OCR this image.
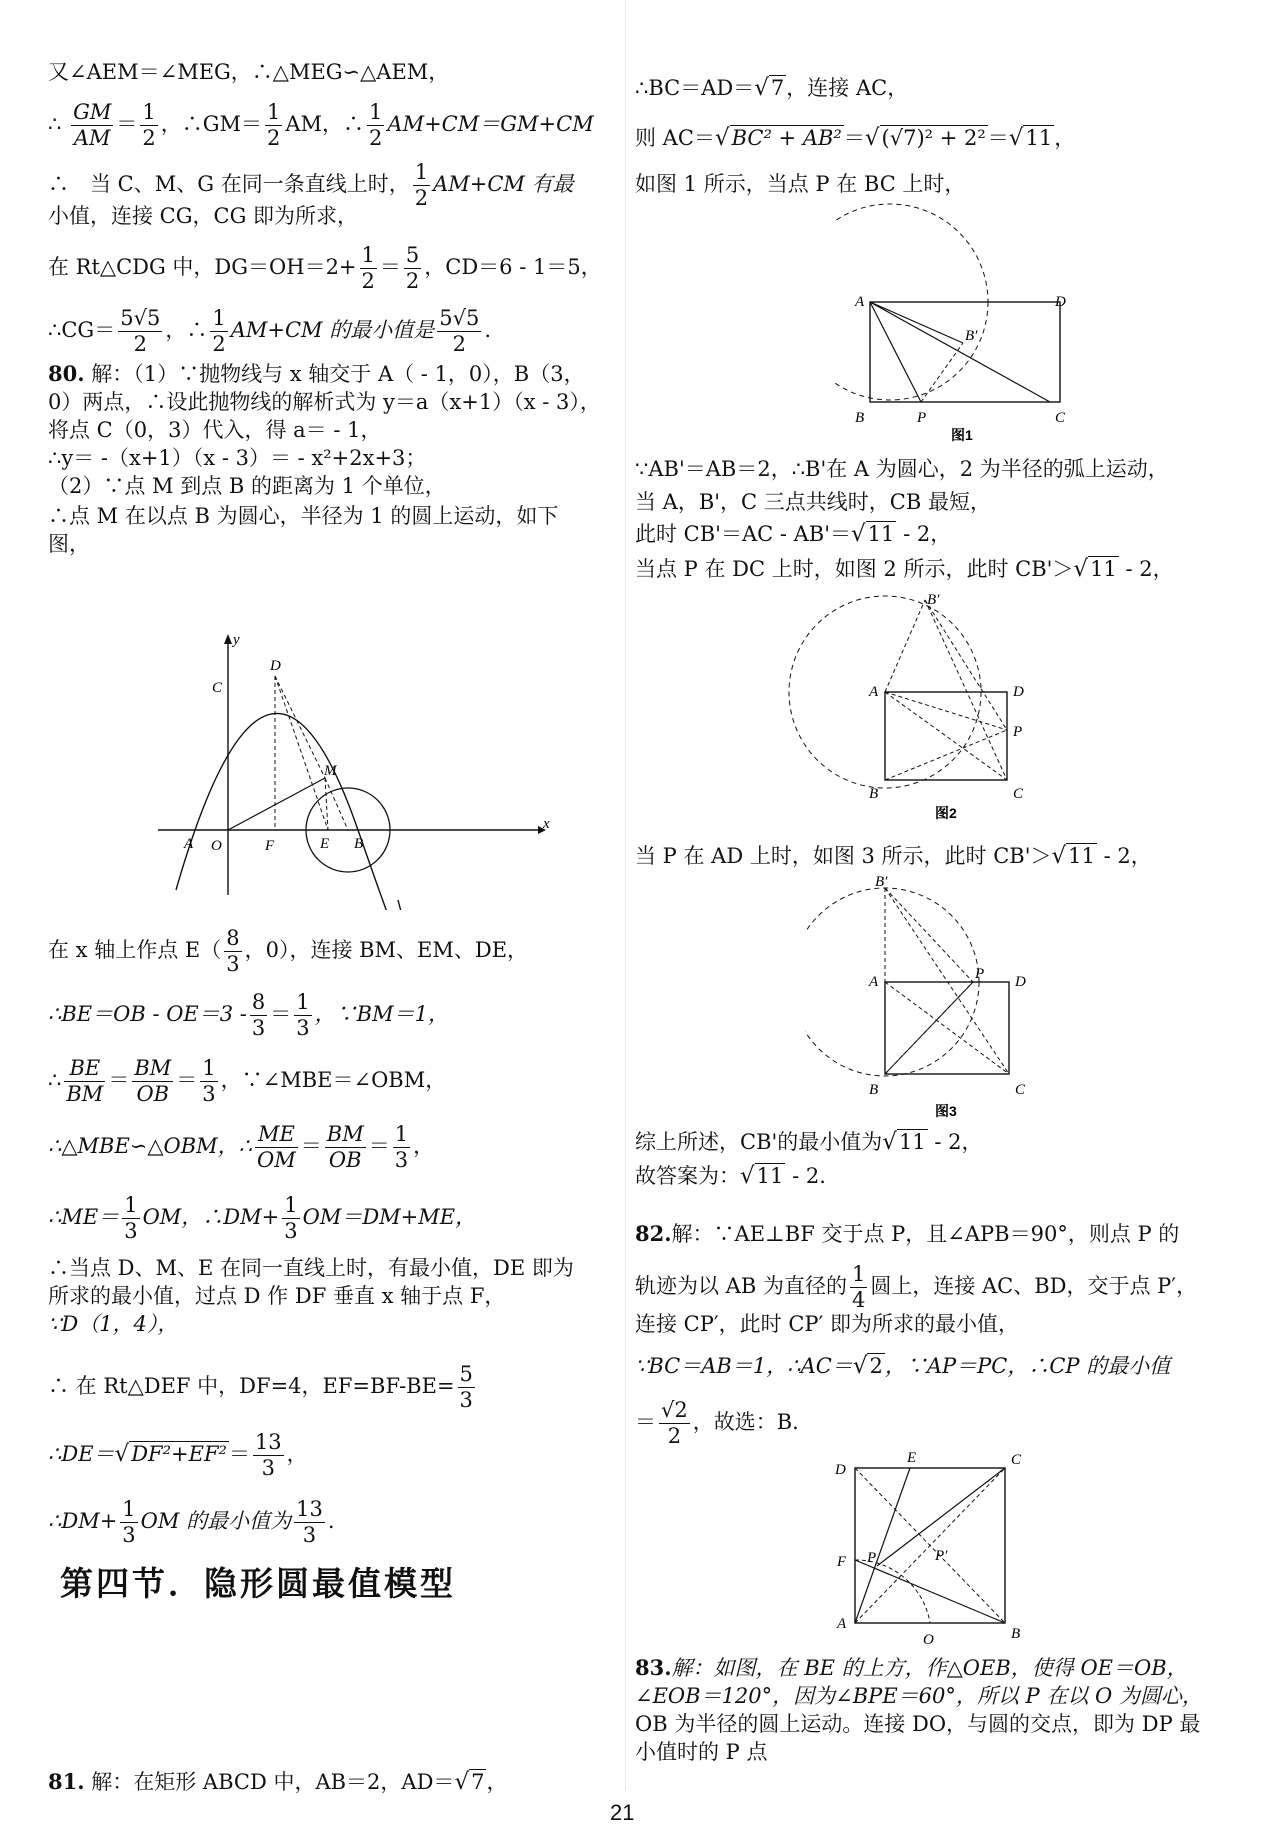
又∠AEM＝∠MEG，∴△MEG∽△AEM，
∴ $\frac{GM}{AM} = \frac{1}{2}$ ，∴GM＝ $\frac{1}{2}$ AM，∴ $\frac{1}{2} AM+CM=GM+CM$
∴　当 C、M、G 在同一条直线上时， $\frac{1}{2} AM+CM$ 有最
小值，连接 CG，CG 即为所求，
在 Rt△CDG 中，$DG=OH=2+ \frac{1}{2} = \frac{5}{2}$ ，CD＝6 - 1＝5，
∴CG＝ $\frac{5√5}{2}$ ，∴ $\frac{1}{2} AM+CM$ 的最小值是 $\frac{5√5}{2}$ .
80. 解：（1）∵抛物线与 x 轴交于 A（ - 1，0），B（3，
0）两点，∴设此抛物线的解析式为 y＝a（x+1）（x - 3），
将点 C（0，3）代入，得 a＝ - 1，
∴y＝ -（x+1）（x - 3）＝ - x²+2x+3；
（2）∵点 M 到点 B 的距离为 1 个单位，
∴点 M 在以点 B 为圆心，半径为 1 的圆上运动，如下
图，
y
x
A O	F	E B
C
D
M
在 x 轴上作点 $E( \frac{8}{3}$ ，0），连接 BM、EM、DE，
∴BE＝OB - $OE=3 - \frac{8}{3} = \frac{1}{3}$ ，∵BM＝1，
∴ $\frac{BE}{BM} = \frac{BM}{OB} = \frac{1}{3}$ ，∵∠MBE＝∠OBM，
∴△MBE∽△OBM，∴ $\frac{ME}{OM} = \frac{BM}{OB} = \frac{1}{3}$ ，
∴ME＝ $\frac{1}{3}$ OM，∴DM+ $\frac{1}{3} OM=DM+ME$，
∴当点 D、M、E 在同一直线上时，有最小值，DE 即为
所求的最小值，过点 D 作 DF 垂直 x 轴于点 F，
∵D（1，4），
∴ 在 Rt△DEF 中，DF=4，$EF=BF-BE= \frac{5}{3}$
∴DE＝√DF²+EF²＝ $\frac{13}{3}$ ，
∴DM+ $\frac{1}{3}$ OM 的最小值为 $\frac{13}{3}$ .
81. 解：在矩形 ABCD 中，AB＝2，AD＝√7，
第四节．隐形圆最值模型
∴BC＝AD＝√7，连接 AC，
则 AC＝√BC² + AB²＝√(√7)² + 2²＝√11，
如图 1 所示，当点 P 在 BC 上时，
A	D
B	P	C
B′
图1
∵AB'＝AB＝2，∴B'在 A 为圆心，2 为半径的弧上运动，
当 A，B'，C 三点共线时，CB 最短，
此时 CB'＝AC - AB'＝√11 - 2，
当点 P 在 DC 上时，如图 2 所示，此时 CB'＞√11 - 2，
A	D
B	C
P
B′
图2
当 P 在 AD 上时，如图 3 所示，此时 CB'＞√11 - 2，
A	D
B	C
P
B′
图3
综上所述，CB'的最小值为√11 - 2，
故答案为：√11 - 2.
82.解：∵AE⊥BF 交于点 P，且∠APB＝90°，则点 P 的
轨迹为以 AB 为直径的 $\frac{1}{4}$ 圆上，连接 AC、BD，交于点 P′，
连接 CP′，此时 CP′ 即为所求的最小值，
∵BC＝AB＝1，∴AC＝√2，∵AP＝PC，∴CP 的最小值
＝ $\frac{√2}{2}$ ，故选：B.
D
E	C
F P	P′
A
O	B
83.解：如图，在 BE 的上方，作△OEB，使得 OE＝OB，
∠EOB＝120°，因为∠BPE＝60°，所以 P 在以 O 为圆心，
OB 为半径的圆上运动。连接 DO，与圆的交点，即为 DP 最
小值时的 P 点
21
